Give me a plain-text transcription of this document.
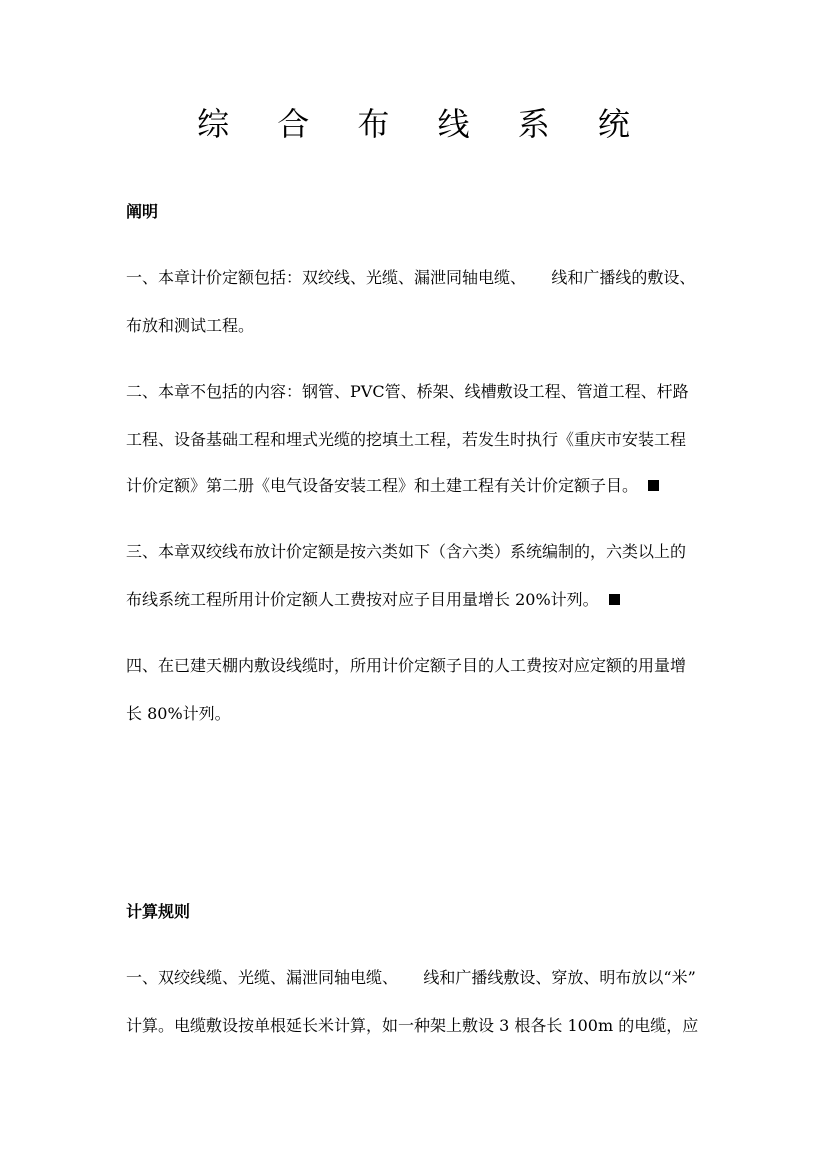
综 合 布 线 系 统
阐明
一、本章计价定额包括：双绞线、光缆、漏泄同轴电缆、     线和广播线的敷设、
布放和测试工程。
二、本章不包括的内容：钢管、PVC管、桥架、线槽敷设工程、管道工程、杆路
工程、设备基础工程和埋式光缆的挖填土工程，若发生时执行《重庆市安装工程
计价定额》第二册《电气设备安装工程》和土建工程有关计价定额子目。
三、本章双绞线布放计价定额是按六类如下（含六类）系统编制的，六类以上的
布线系统工程所用计价定额人工费按对应子目用量增长 20%计列。
四、在已建天棚内敷设线缆时，所用计价定额子目的人工费按对应定额的用量增
长 80%计列。
计算规则
一、双绞线缆、光缆、漏泄同轴电缆、     线和广播线敷设、穿放、明布放以“米”
计算。电缆敷设按单根延长米计算，如一种架上敷设 3 根各长 100m 的电缆，应
